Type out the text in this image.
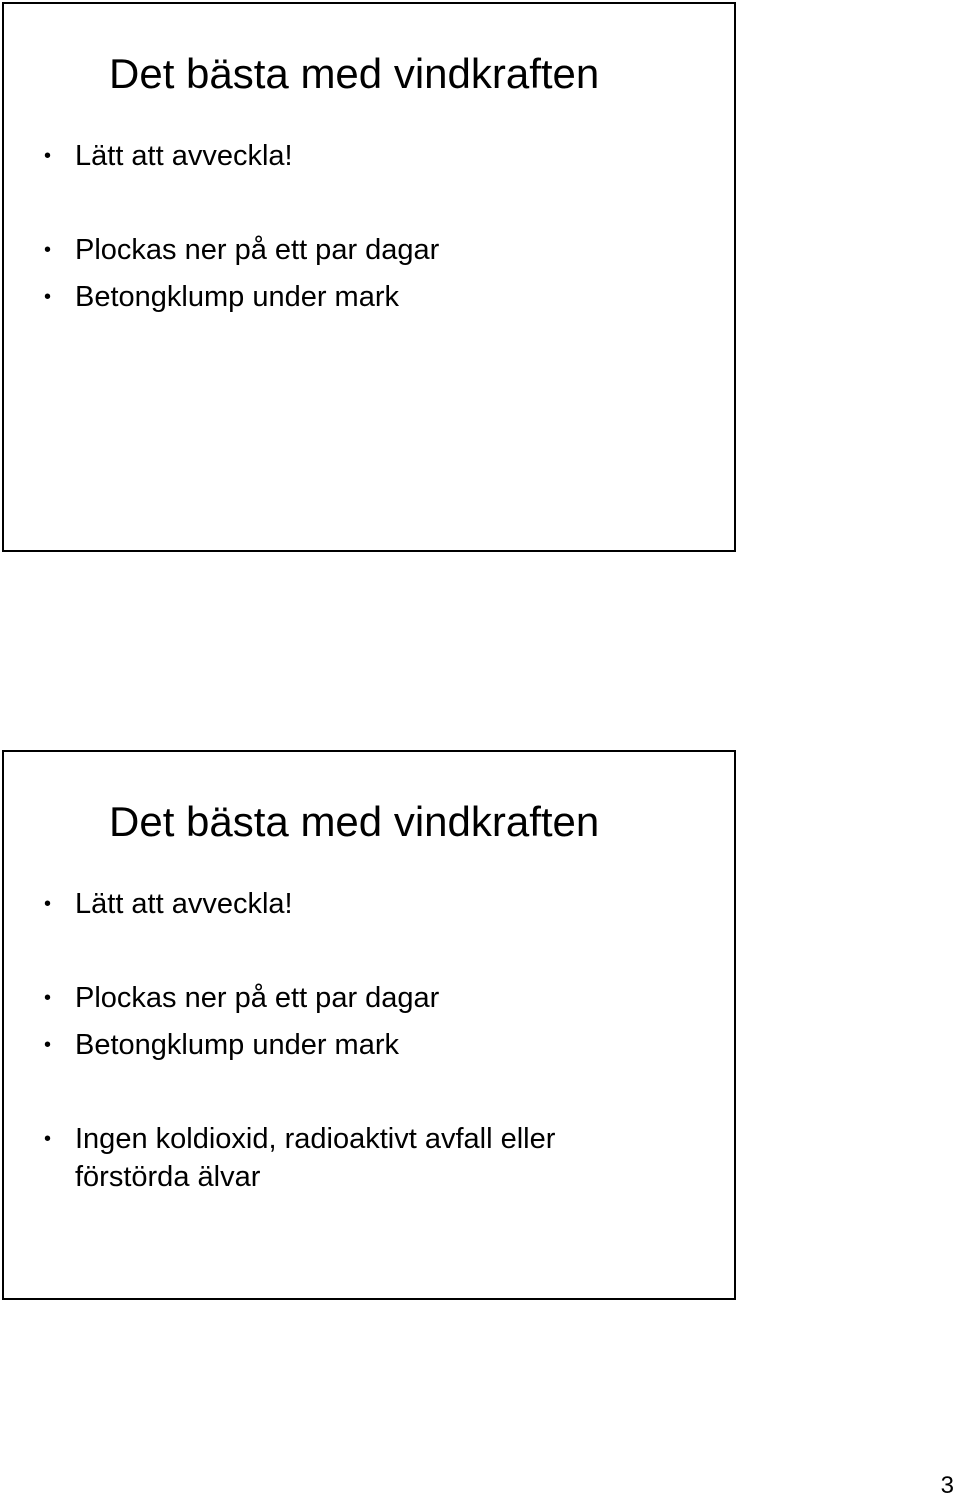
Det bästa med vindkraften
• Lätt att avveckla!
• Plockas ner på ett par dagar
• Betongklump under mark
Det bästa med vindkraften
• Lätt att avveckla!
• Plockas ner på ett par dagar
• Betongklump under mark
• Ingen koldioxid, radioaktivt avfall eller
förstörda älvar
3
